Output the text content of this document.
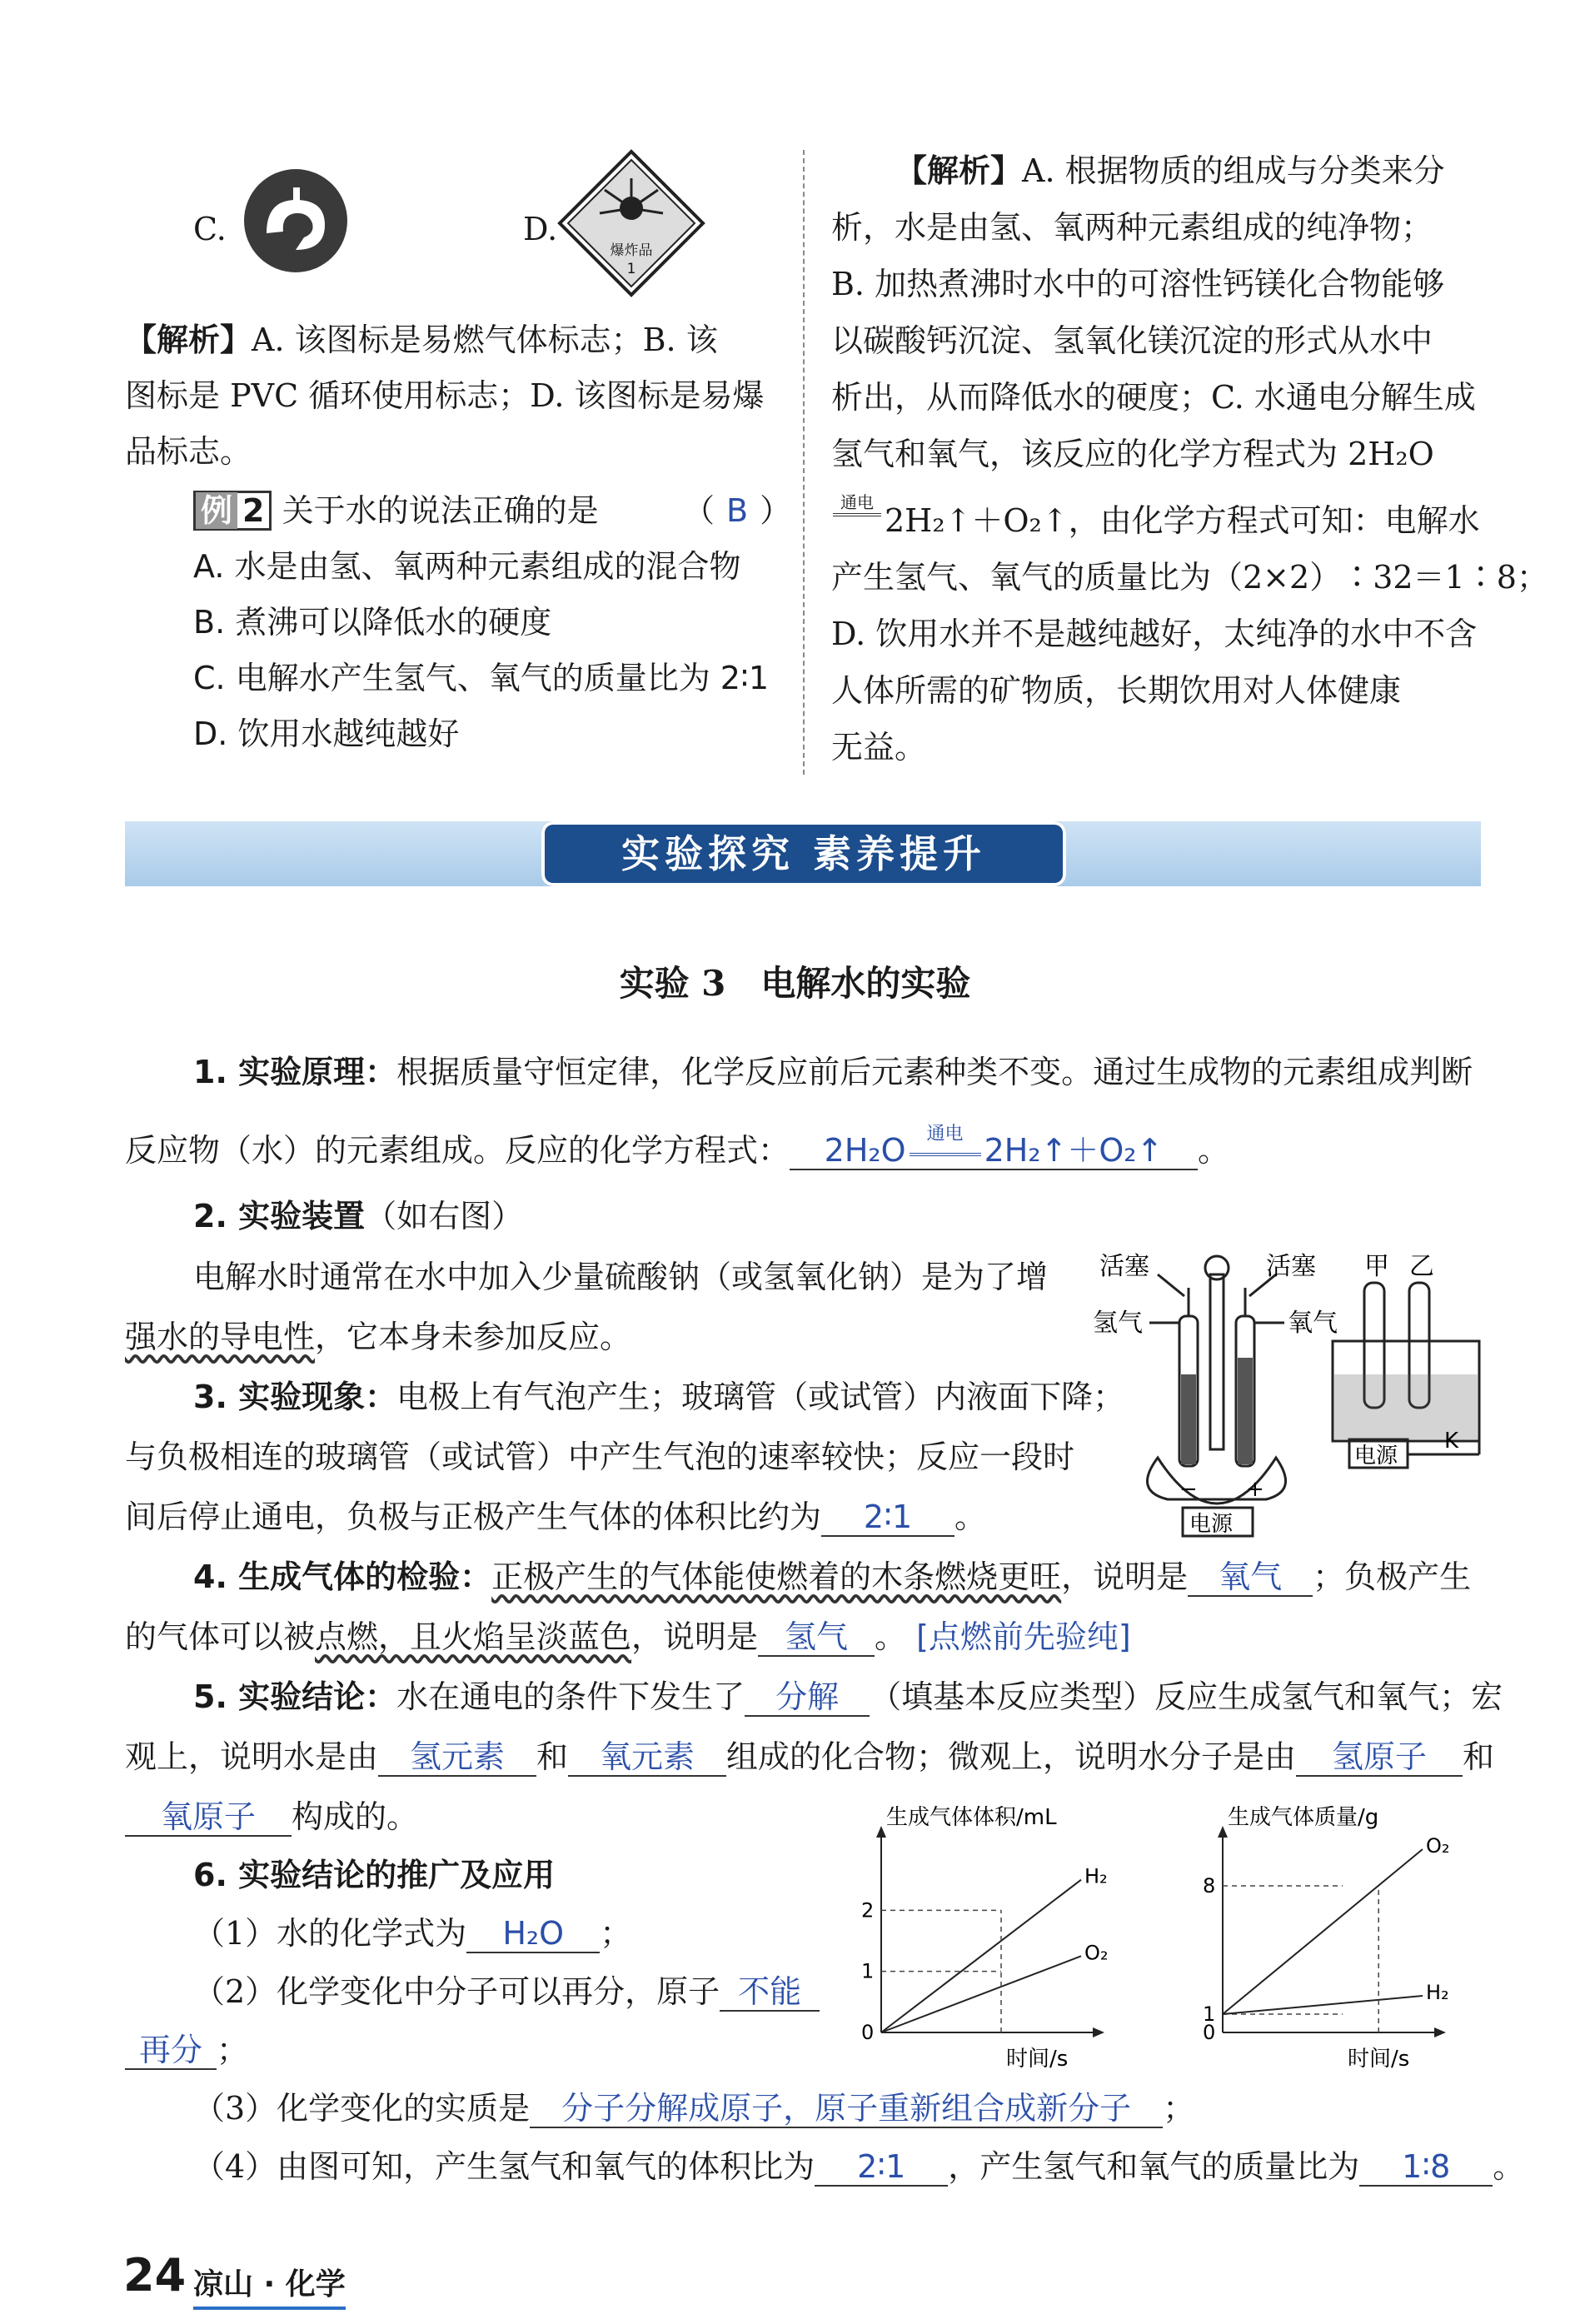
C.	D.
爆炸品
1
【解析】A. 该图标是易燃气体标志；B. 该
图标是 PVC 循环使用标志；D. 该图标是易爆
品标志。
例 2 关于水的说法正确的是	（ B ）
A. 水是由氢、氧两种元素组成的混合物
B. 煮沸可以降低水的硬度
C. 电解水产生氢气、氧气的质量比为 2∶1
D. 饮用水越纯越好
【解析】A. 根据物质的组成与分类来分
析，水是由氢、氧两种元素组成的纯净物；
B. 加热煮沸时水中的可溶性钙镁化合物能够
以碳酸钙沉淀、氢氧化镁沉淀的形式从水中
析出，从而降低水的硬度；C. 水通电分解生成
氢气和氧气，该反应的化学方程式为 2H₂O
通电 2H₂↑＋O₂↑，由化学方程式可知：电解水
产生氢气、氧气的质量比为（2×2）∶32＝1∶8；
D. 饮用水并不是越纯越好，太纯净的水中不含
人体所需的矿物质，长期饮用对人体健康
无益。
实验探究 素养提升
实验 3　电解水的实验
1. 实验原理：根据质量守恒定律，化学反应前后元素种类不变。通过生成物的元素组成判断
反应物（水）的元素组成。反应的化学方程式： 2H₂O	通电 2H₂↑＋O₂↑ 。
2. 实验装置（如右图）
电解水时通常在水中加入少量硫酸钠（或氢氧化钠）是为了增
强水的导电性，它本身未参加反应。
3. 实验现象：电极上有气泡产生；玻璃管（或试管）内液面下降；
与负极相连的玻璃管（或试管）中产生气泡的速率较快；反应一段时
间后停止通电，负极与正极产生气体的体积比约为 2∶1 。
活塞	活塞
氢气	氧气
电源
− +
甲 乙
电源
K
4. 生成气体的检验：正极产生的气体能使燃着的木条燃烧更旺，说明是 氧气 ；负极产生
的气体可以被点燃，且火焰呈淡蓝色，说明是 氢气 。 [点燃前先验纯]
5. 实验结论：水在通电的条件下发生了 分解 （填基本反应类型）反应生成氢气和氧气；宏
观上，说明水是由 氢元素 和 氧元素 组成的化合物；微观上，说明水分子是由 氢原子 和
氧原子 构成的。
6. 实验结论的推广及应用
（1）水的化学式为 H₂O ；
（2）化学变化中分子可以再分，原子 不能
再分 ；
（3）化学变化的实质是 分子分解成原子，原子重新组合成新分子 ；
（4）由图可知，产生氢气和氧气的体积比为 2∶1 ，产生氢气和氧气的质量比为 1∶8 。
生成气体体积/mL
时间/s
0
1
2
H₂
O₂
生成气体质量/g
时间/s
0
1
8
O₂
H₂
24 凉山 · 化学
